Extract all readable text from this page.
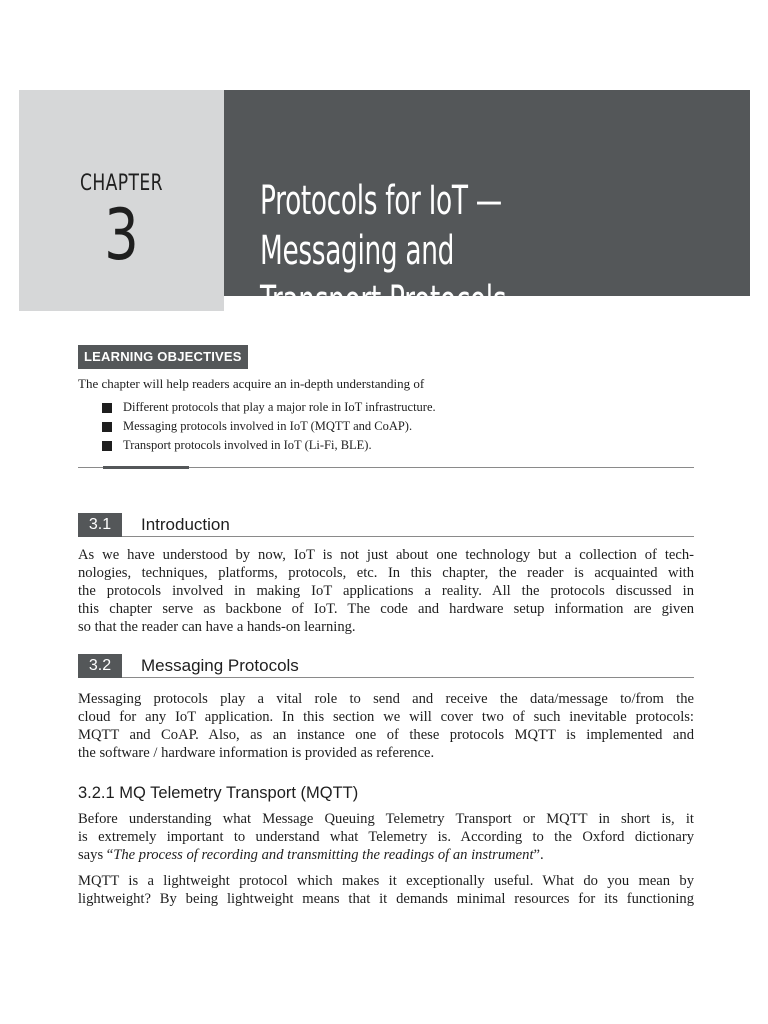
CHAPTER
3	Protocols for IoT — Messaging and
Transport Protocols
LEARNING OBJECTIVES
The chapter will help readers acquire an in-depth understanding of
Different protocols that play a major role in IoT infrastructure.
Messaging protocols involved in IoT (MQTT and CoAP).
Transport protocols involved in IoT (Li-Fi, BLE).
3.1	Introduction
As we have understood by now, IoT is not just about one technology but a collection of tech-
nologies, techniques, platforms, protocols, etc. In this chapter, the reader is acquainted with
the protocols involved in making IoT applications a reality. All the protocols discussed in
this chapter serve as backbone of IoT. The code and hardware setup information are given
so that the reader can have a hands-on learning.
3.2	Messaging Protocols
Messaging protocols play a vital role to send and receive the data/message to/from the
cloud for any IoT application. In this section we will cover two of such inevitable protocols:
MQTT and CoAP. Also, as an instance one of these protocols MQTT is implemented and
the software / hardware information is provided as reference.
3.2.1 MQ Telemetry Transport (MQTT)
Before understanding what Message Queuing Telemetry Transport or MQTT in short is, it
is extremely important to understand what Telemetry is. According to the Oxford dictionary
says “The process of recording and transmitting the readings of an instrument”.
MQTT is a lightweight protocol which makes it exceptionally useful. What do you mean by
lightweight? By being lightweight means that it demands minimal resources for its functioning
